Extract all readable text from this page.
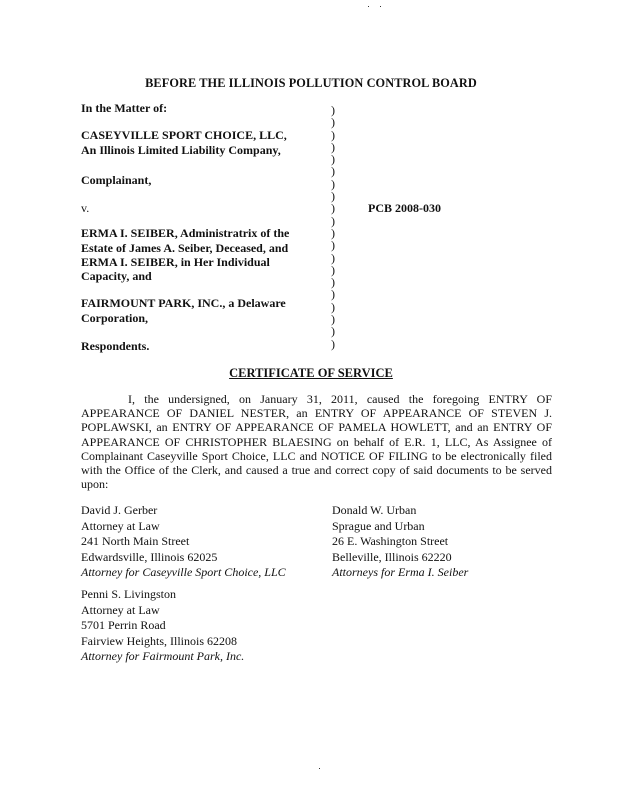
BEFORE THE ILLINOIS POLLUTION CONTROL BOARD
In the Matter of:
CASEYVILLE SPORT CHOICE, LLC,
An Illinois Limited Liability Company,
Complainant,
v.
ERMA I. SEIBER, Administratrix of the
Estate of James A. Seiber, Deceased, and
ERMA I. SEIBER, in Her Individual
Capacity, and
FAIRMOUNT PARK, INC., a Delaware
Corporation,
Respondents.
)
)
)
)
)
)
)
)
)
)
)
)
)
)
)
)
)
)
)
)
PCB 2008-030
CERTIFICATE OF SERVICE

I, the undersigned, on January 31, 2011, caused the foregoing ENTRY OF APPEARANCE OF DANIEL NESTER, an ENTRY OF APPEARANCE OF STEVEN J. POPLAWSKI, an ENTRY OF APPEARANCE OF PAMELA HOWLETT, and an ENTRY OF APPEARANCE OF CHRISTOPHER BLAESING on behalf of E.R. 1, LLC, As Assignee of Complainant Caseyville Sport Choice, LLC and NOTICE OF FILING to be electronically filed with the Office of the Clerk, and caused a true and correct copy of said documents to be served upon:

David J. Gerber
Attorney at Law
241 North Main Street
Edwardsville, Illinois 62025
Attorney for Caseyville Sport Choice, LLC
Donald W. Urban
Sprague and Urban
26 E. Washington Street
Belleville, Illinois 62220
Attorneys for Erma I. Seiber
Penni S. Livingston
Attorney at Law
5701 Perrin Road
Fairview Heights, Illinois 62208
Attorney for Fairmount Park, Inc.
